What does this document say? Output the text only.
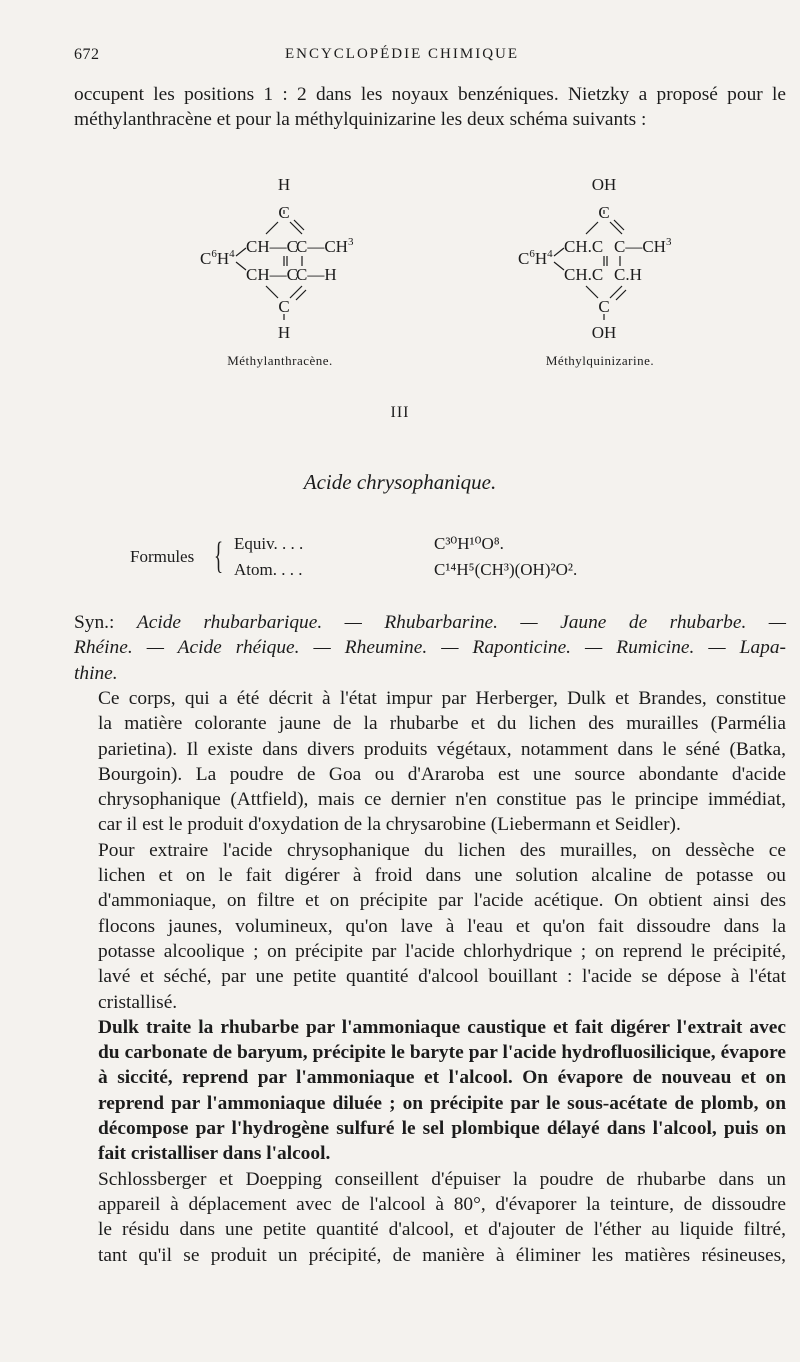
672	ENCYCLOPÉDIE CHIMIQUE
occupent les positions 1 : 2 dans les noyaux benzéniques. Nietzky a proposé pour le
méthylanthracène et pour la méthylquinizarine les deux schéma suivants :
H
C
$C^6H^4$ CH—C
$C—CH^3$
CH—C
C—H
C
H
Méthylanthracène.
OH
C
$C^6H^4$ CH.C $C—CH^3$
CH.C C.H
C
OH
Méthylquinizarine.
III
Acide chrysophanique.
Formules { Equiv. . . .	C³⁰H¹⁰O⁸.
Atom. . . .	C¹⁴H⁵(CH³)(OH)²O².
Syn.: Acide rhubarbarique. — Rhubarbarine. — Jaune de rhubarbe. —
Rhéine. — Acide rhéique. — Rheumine. — Raponticine. — Rumicine. — Lapa-
thine.

Ce corps, qui a été décrit à l'état impur par Herberger, Dulk et Brandes, constitue
la matière colorante jaune de la rhubarbe et du lichen des murailles (Parmélia
parietina). Il existe dans divers produits végétaux, notamment dans le séné (Batka,
Bourgoin). La poudre de Goa ou d'Araroba est une source abondante d'acide
chrysophanique (Attfield), mais ce dernier n'en constitue pas le principe immédiat,
car il est le produit d'oxydation de la chrysarobine (Liebermann et Seidler).

Pour extraire l'acide chrysophanique du lichen des murailles, on dessèche ce
lichen et on le fait digérer à froid dans une solution alcaline de potasse ou
d'ammoniaque, on filtre et on précipite par l'acide acétique. On obtient ainsi des
flocons jaunes, volumineux, qu'on lave à l'eau et qu'on fait dissoudre dans la
potasse alcoolique ; on précipite par l'acide chlorhydrique ; on reprend le précipité,
lavé et séché, par une petite quantité d'alcool bouillant : l'acide se dépose à l'état
cristallisé.

Dulk traite la rhubarbe par l'ammoniaque caustique et fait digérer l'extrait avec
du carbonate de baryum, précipite le baryte par l'acide hydrofluosilicique, évapore
à siccité, reprend par l'ammoniaque et l'alcool. On évapore de nouveau et on
reprend par l'ammoniaque diluée ; on précipite par le sous-acétate de plomb, on
décompose par l'hydrogène sulfuré le sel plombique délayé dans l'alcool, puis on
fait cristalliser dans l'alcool.

Schlossberger et Doepping conseillent d'épuiser la poudre de rhubarbe dans un
appareil à déplacement avec de l'alcool à 80°, d'évaporer la teinture, de dissoudre
le résidu dans une petite quantité d'alcool, et d'ajouter de l'éther au liquide filtré,
tant qu'il se produit un précipité, de manière à éliminer les matières résineuses,
